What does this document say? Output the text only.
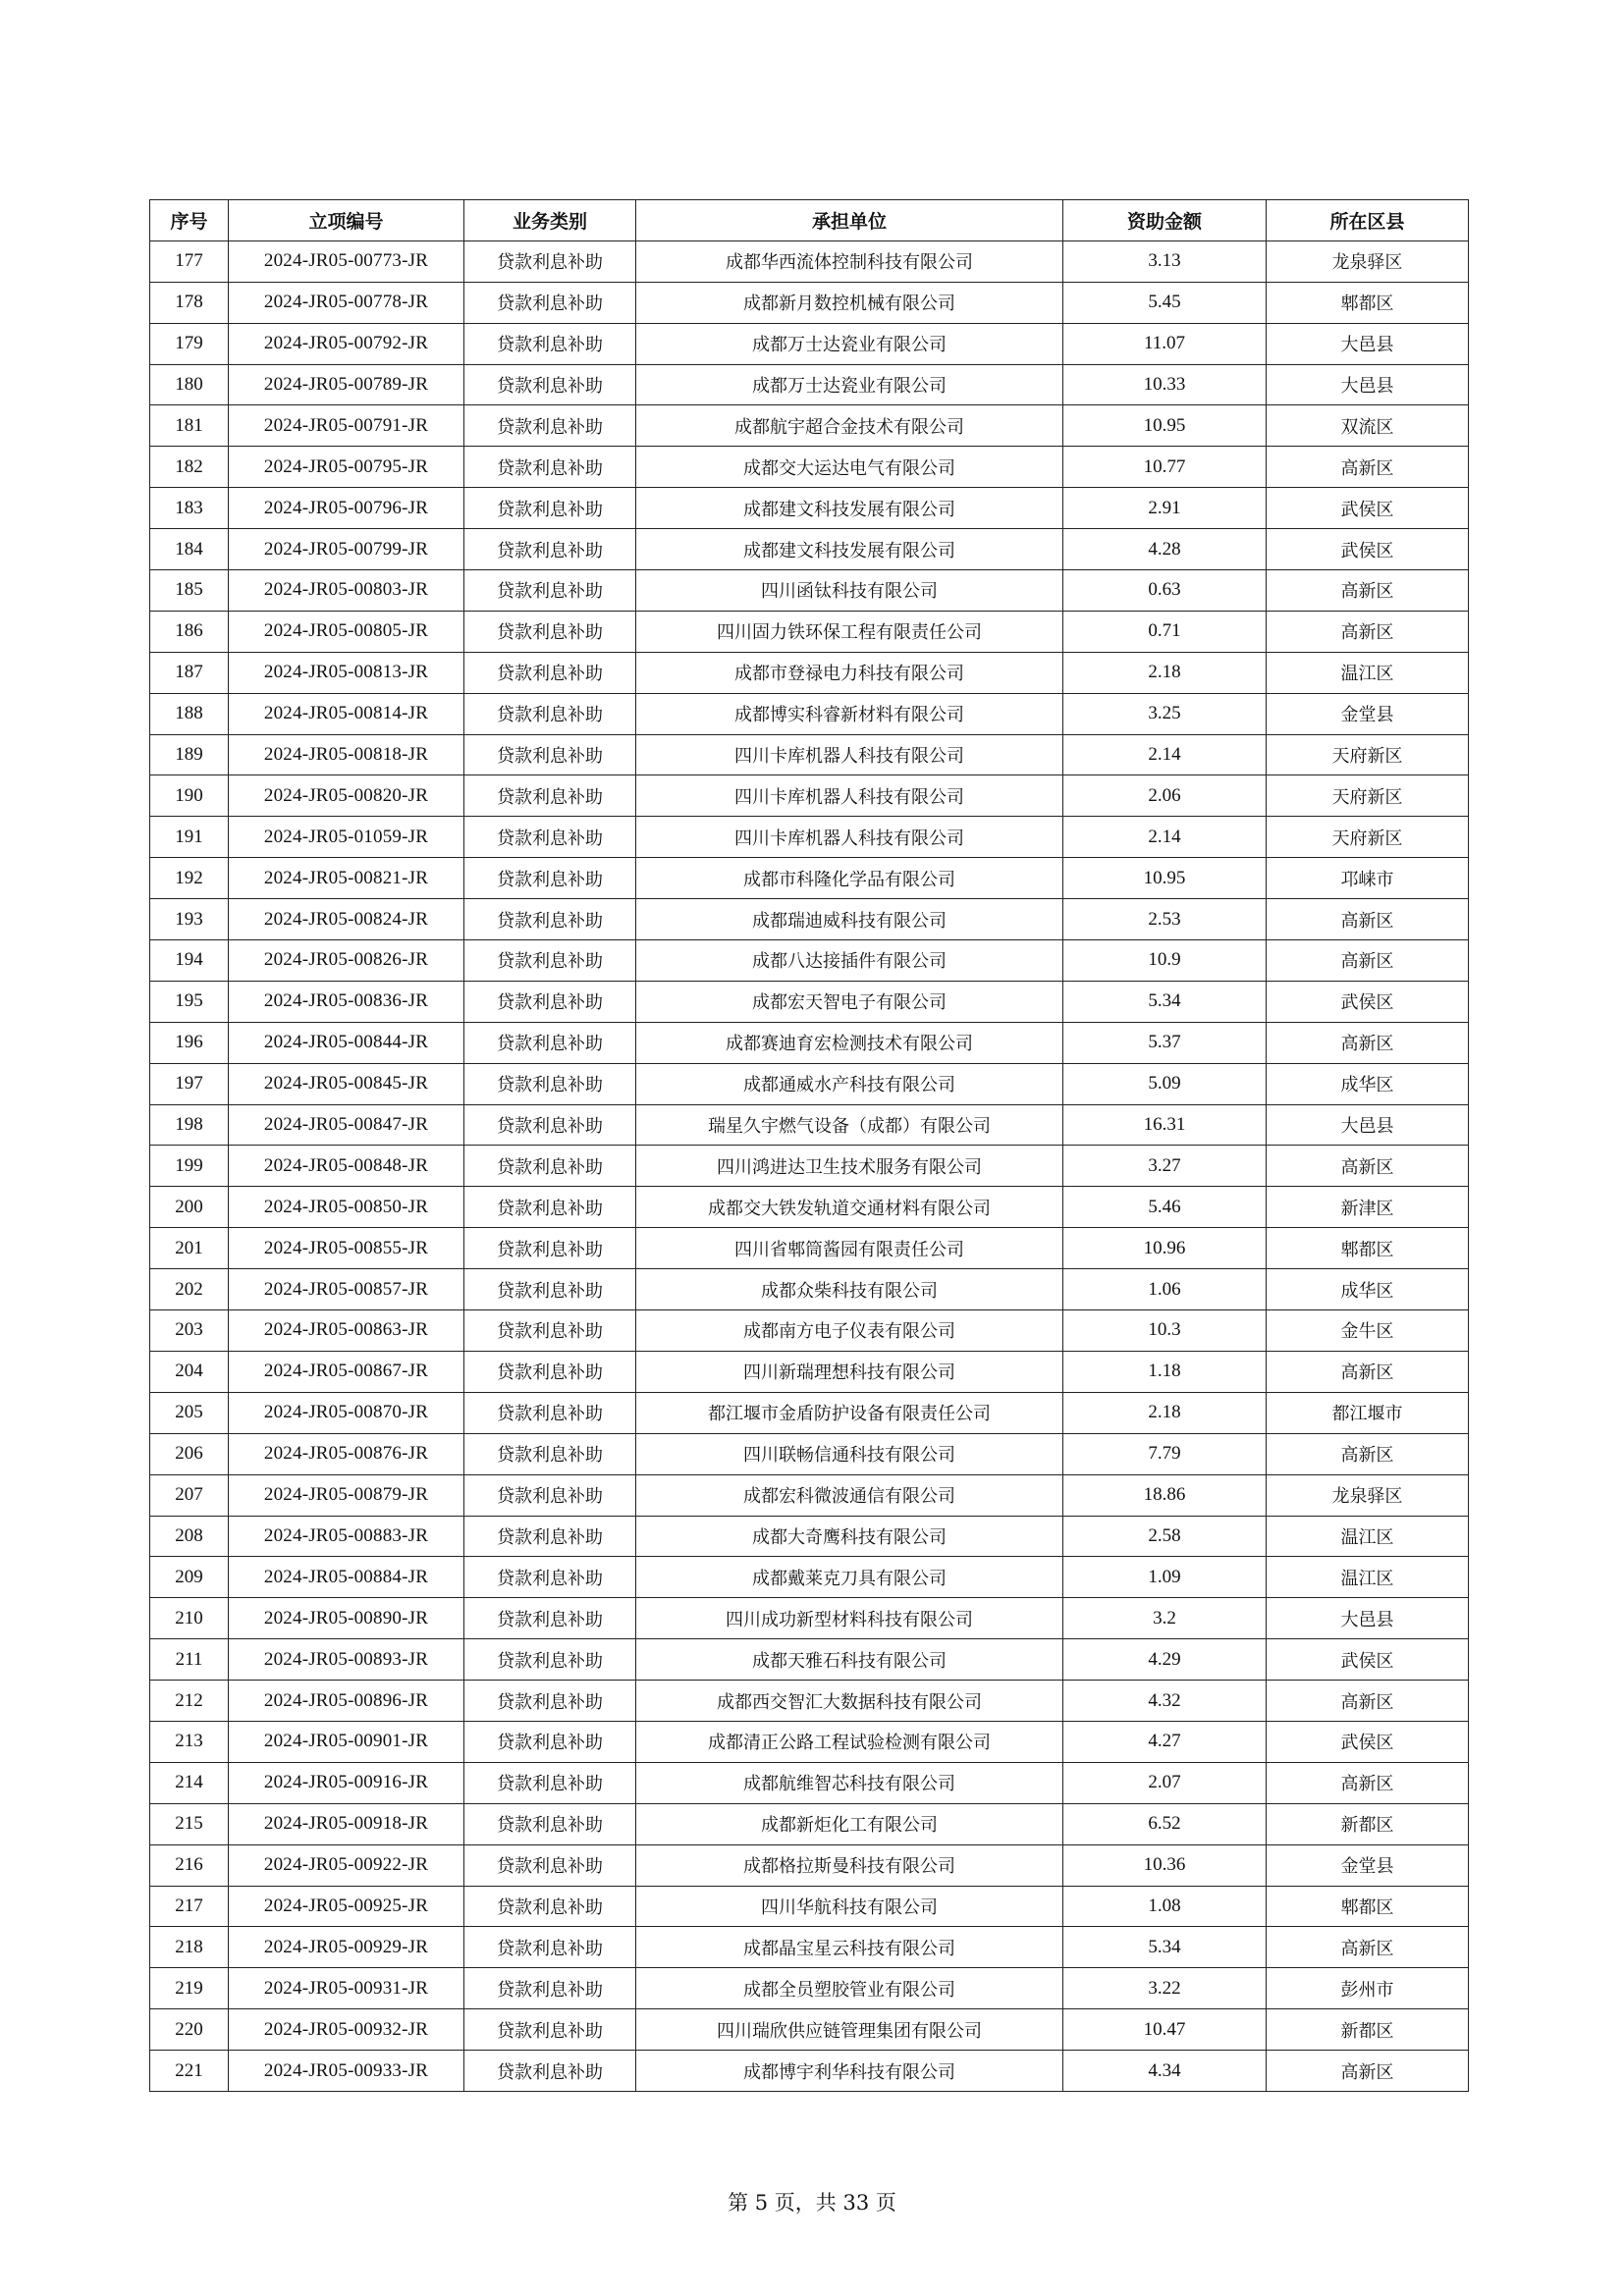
序号	立项编号	业务类别	承担单位	资助金额	所在区县
177	2024-JR05-00773-JR	贷款利息补助	成都华西流体控制科技有限公司	3.13	龙泉驿区
178	2024-JR05-00778-JR	贷款利息补助	成都新月数控机械有限公司	5.45	郫都区
179	2024-JR05-00792-JR	贷款利息补助	成都万士达瓷业有限公司	11.07	大邑县
180	2024-JR05-00789-JR	贷款利息补助	成都万士达瓷业有限公司	10.33	大邑县
181	2024-JR05-00791-JR	贷款利息补助	成都航宇超合金技术有限公司	10.95	双流区
182	2024-JR05-00795-JR	贷款利息补助	成都交大运达电气有限公司	10.77	高新区
183	2024-JR05-00796-JR	贷款利息补助	成都建文科技发展有限公司	2.91	武侯区
184	2024-JR05-00799-JR	贷款利息补助	成都建文科技发展有限公司	4.28	武侯区
185	2024-JR05-00803-JR	贷款利息补助	四川函钛科技有限公司	0.63	高新区
186	2024-JR05-00805-JR	贷款利息补助	四川固力铁环保工程有限责任公司	0.71	高新区
187	2024-JR05-00813-JR	贷款利息补助	成都市登禄电力科技有限公司	2.18	温江区
188	2024-JR05-00814-JR	贷款利息补助	成都博实科睿新材料有限公司	3.25	金堂县
189	2024-JR05-00818-JR	贷款利息补助	四川卡库机器人科技有限公司	2.14	天府新区
190	2024-JR05-00820-JR	贷款利息补助	四川卡库机器人科技有限公司	2.06	天府新区
191	2024-JR05-01059-JR	贷款利息补助	四川卡库机器人科技有限公司	2.14	天府新区
192	2024-JR05-00821-JR	贷款利息补助	成都市科隆化学品有限公司	10.95	邛崃市
193	2024-JR05-00824-JR	贷款利息补助	成都瑞迪威科技有限公司	2.53	高新区
194	2024-JR05-00826-JR	贷款利息补助	成都八达接插件有限公司	10.9	高新区
195	2024-JR05-00836-JR	贷款利息补助	成都宏天智电子有限公司	5.34	武侯区
196	2024-JR05-00844-JR	贷款利息补助	成都赛迪育宏检测技术有限公司	5.37	高新区
197	2024-JR05-00845-JR	贷款利息补助	成都通威水产科技有限公司	5.09	成华区
198	2024-JR05-00847-JR	贷款利息补助	瑞星久宇燃气设备（成都）有限公司	16.31	大邑县
199	2024-JR05-00848-JR	贷款利息补助	四川鸿进达卫生技术服务有限公司	3.27	高新区
200	2024-JR05-00850-JR	贷款利息补助	成都交大铁发轨道交通材料有限公司	5.46	新津区
201	2024-JR05-00855-JR	贷款利息补助	四川省郫筒酱园有限责任公司	10.96	郫都区
202	2024-JR05-00857-JR	贷款利息补助	成都众柴科技有限公司	1.06	成华区
203	2024-JR05-00863-JR	贷款利息补助	成都南方电子仪表有限公司	10.3	金牛区
204	2024-JR05-00867-JR	贷款利息补助	四川新瑞理想科技有限公司	1.18	高新区
205	2024-JR05-00870-JR	贷款利息补助	都江堰市金盾防护设备有限责任公司	2.18	都江堰市
206	2024-JR05-00876-JR	贷款利息补助	四川联畅信通科技有限公司	7.79	高新区
207	2024-JR05-00879-JR	贷款利息补助	成都宏科微波通信有限公司	18.86	龙泉驿区
208	2024-JR05-00883-JR	贷款利息补助	成都大奇鹰科技有限公司	2.58	温江区
209	2024-JR05-00884-JR	贷款利息补助	成都戴莱克刀具有限公司	1.09	温江区
210	2024-JR05-00890-JR	贷款利息补助	四川成功新型材料科技有限公司	3.2	大邑县
211	2024-JR05-00893-JR	贷款利息补助	成都天雅石科技有限公司	4.29	武侯区
212	2024-JR05-00896-JR	贷款利息补助	成都西交智汇大数据科技有限公司	4.32	高新区
213	2024-JR05-00901-JR	贷款利息补助	成都清正公路工程试验检测有限公司	4.27	武侯区
214	2024-JR05-00916-JR	贷款利息补助	成都航维智芯科技有限公司	2.07	高新区
215	2024-JR05-00918-JR	贷款利息补助	成都新炬化工有限公司	6.52	新都区
216	2024-JR05-00922-JR	贷款利息补助	成都格拉斯曼科技有限公司	10.36	金堂县
217	2024-JR05-00925-JR	贷款利息补助	四川华航科技有限公司	1.08	郫都区
218	2024-JR05-00929-JR	贷款利息补助	成都晶宝星云科技有限公司	5.34	高新区
219	2024-JR05-00931-JR	贷款利息补助	成都全员塑胶管业有限公司	3.22	彭州市
220	2024-JR05-00932-JR	贷款利息补助	四川瑞欣供应链管理集团有限公司	10.47	新都区
221	2024-JR05-00933-JR	贷款利息补助	成都博宇利华科技有限公司	4.34	高新区
第 5 页，共 33 页
